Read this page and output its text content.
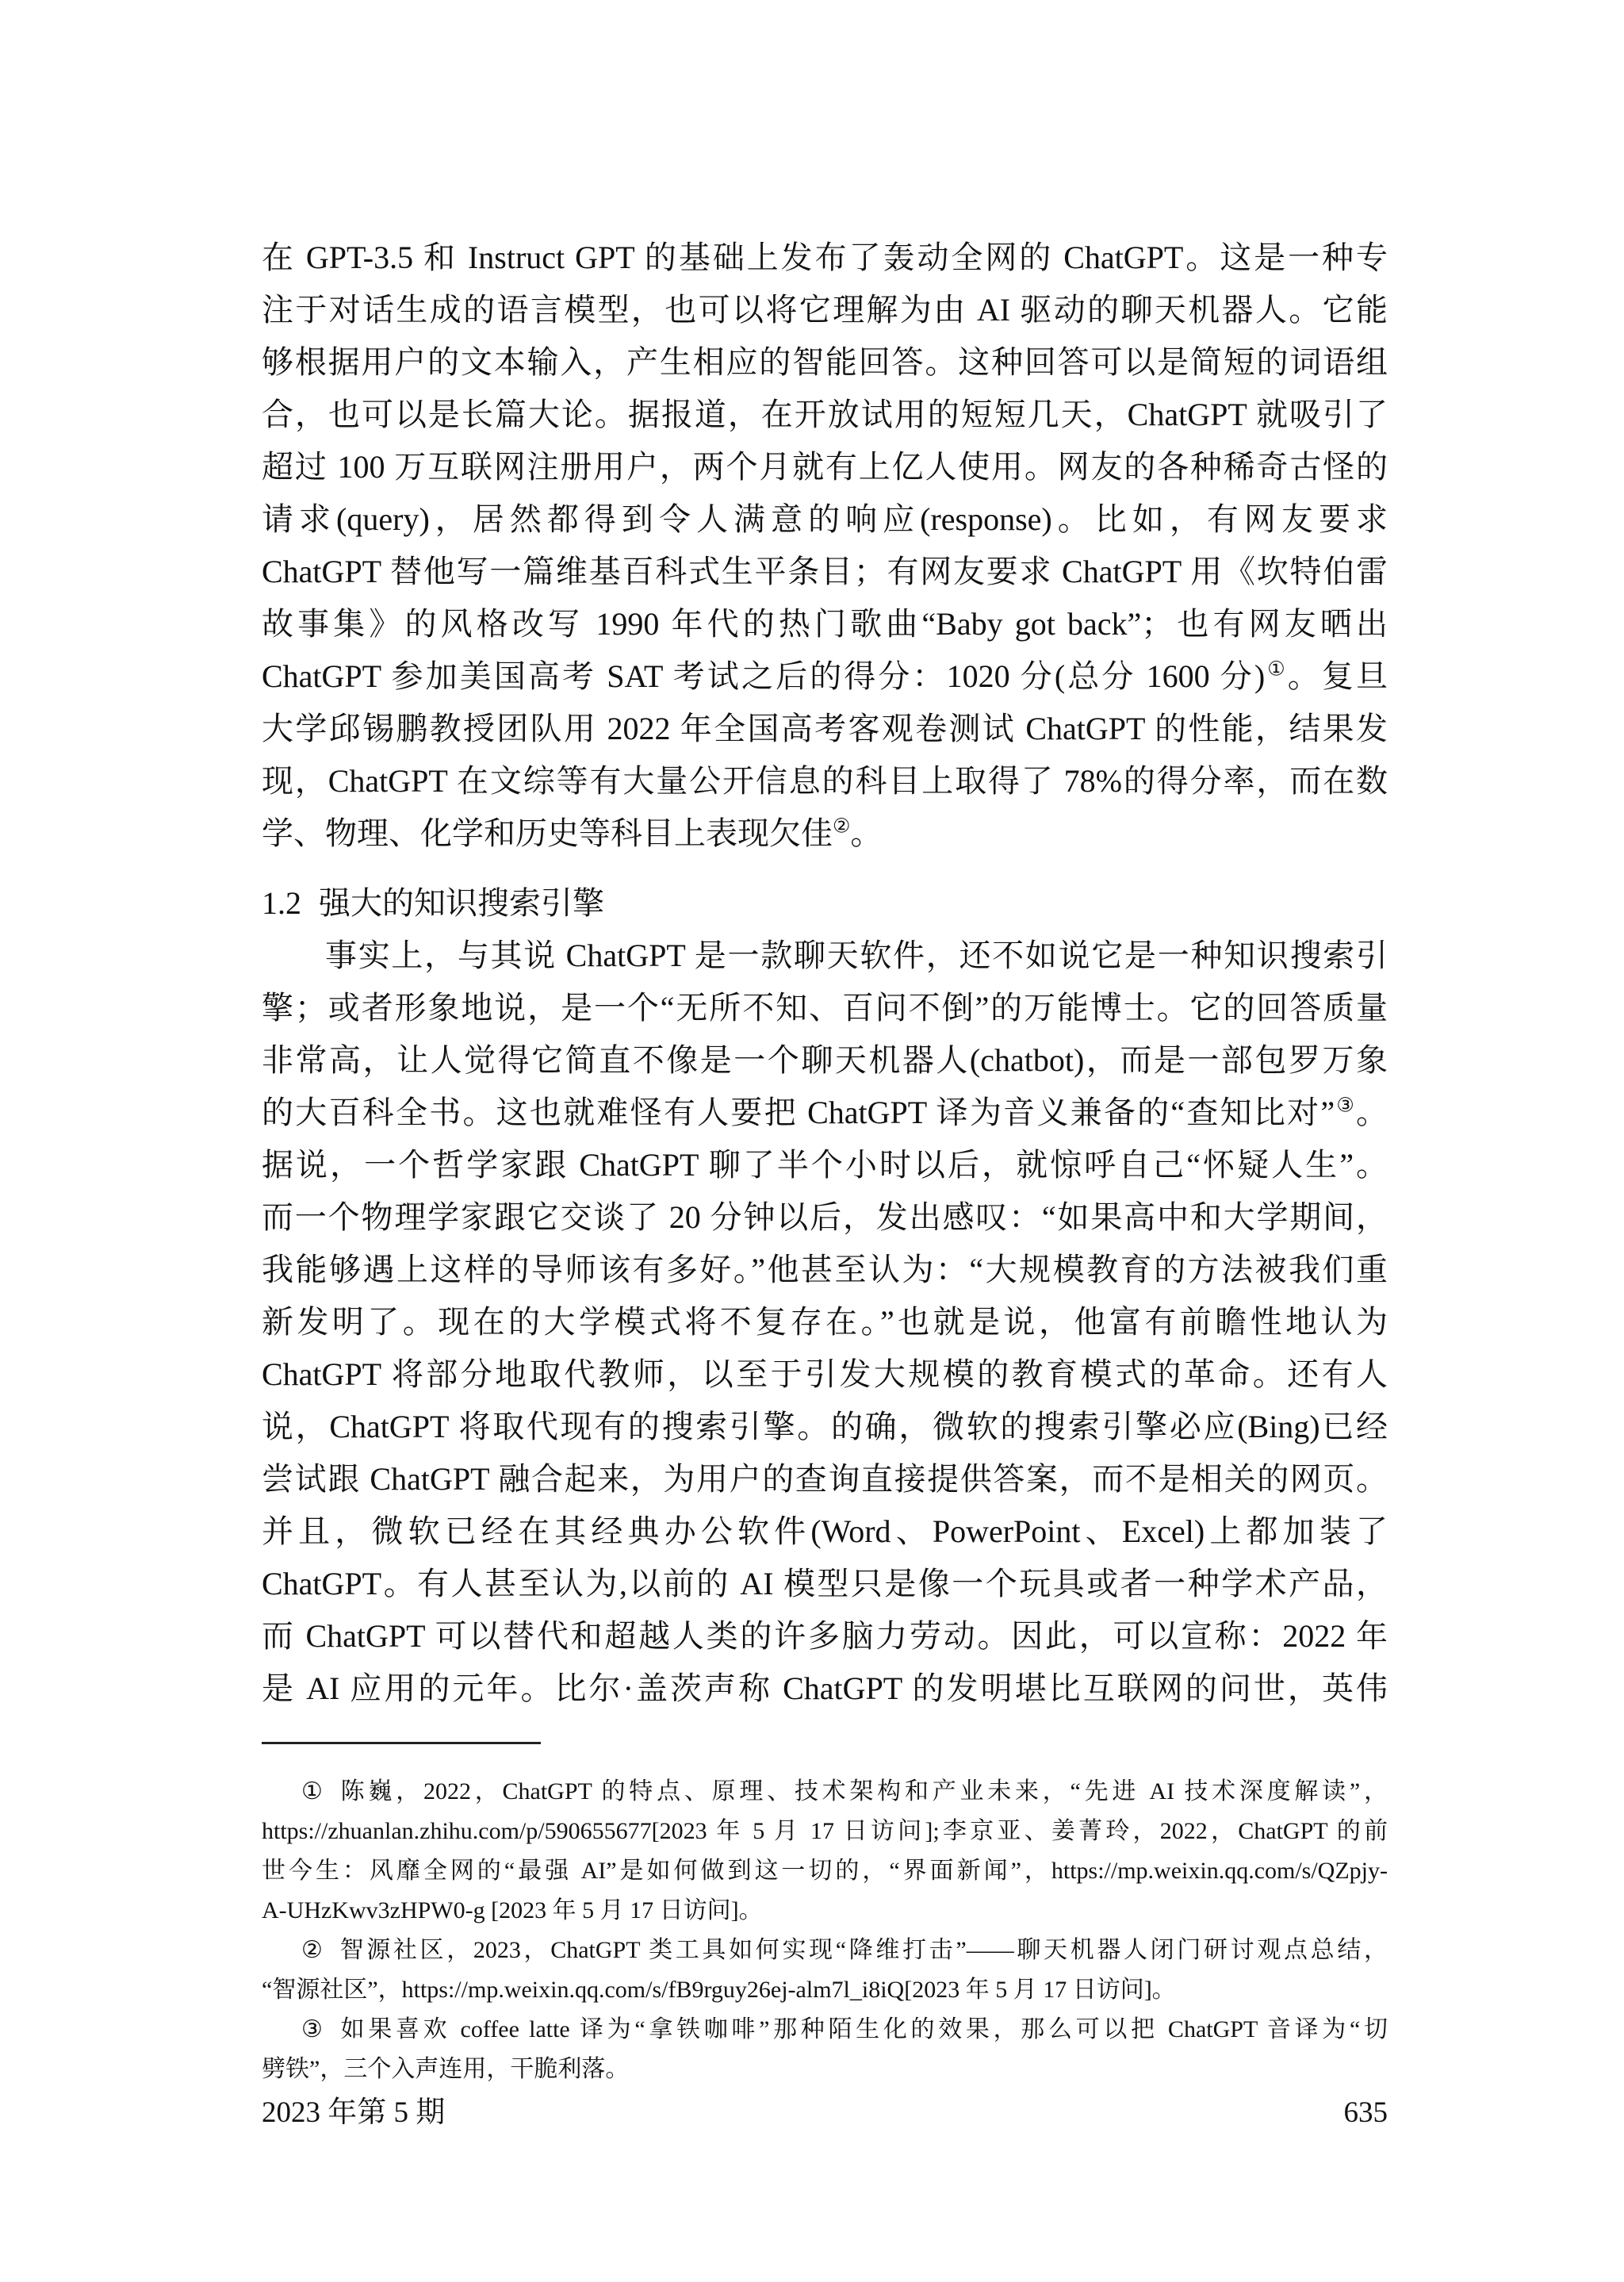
在 GPT-3.5 和 Instruct GPT 的基础上发布了轰动全网的 ChatGPT。这是一种专
注于对话生成的语言模型，也可以将它理解为由 AI 驱动的聊天机器人。它能
够根据用户的文本输入，产生相应的智能回答。这种回答可以是简短的词语组
合，也可以是长篇大论。据报道，在开放试用的短短几天，ChatGPT 就吸引了
超过 100 万互联网注册用户，两个月就有上亿人使用。网友的各种稀奇古怪的
请求(query)，居然都得到令人满意的响应(response)。比如，有网友要求
ChatGPT 替他写一篇维基百科式生平条目；有网友要求 ChatGPT 用《坎特伯雷
故事集》的风格改写 1990 年代的热门歌曲“Baby got back”；也有网友晒出
ChatGPT 参加美国高考 SAT 考试之后的得分：1020 分(总分 1600 分)①。复旦
大学邱锡鹏教授团队用 2022 年全国高考客观卷测试 ChatGPT 的性能，结果发
现，ChatGPT 在文综等有大量公开信息的科目上取得了 78%的得分率，而在数
学、物理、化学和历史等科目上表现欠佳②。
1.2 强大的知识搜索引擎
事实上，与其说 ChatGPT 是一款聊天软件，还不如说它是一种知识搜索引
擎；或者形象地说，是一个“无所不知、百问不倒”的万能博士。它的回答质量
非常高，让人觉得它简直不像是一个聊天机器人(chatbot)，而是一部包罗万象
的大百科全书。这也就难怪有人要把 ChatGPT 译为音义兼备的“查知比对”③。
据说，一个哲学家跟 ChatGPT 聊了半个小时以后，就惊呼自己“怀疑人生”。
而一个物理学家跟它交谈了 20 分钟以后，发出感叹：“如果高中和大学期间，
我能够遇上这样的导师该有多好。”他甚至认为：“大规模教育的方法被我们重
新发明了。现在的大学模式将不复存在。”也就是说，他富有前瞻性地认为
ChatGPT 将部分地取代教师，以至于引发大规模的教育模式的革命。还有人
说，ChatGPT 将取代现有的搜索引擎。的确，微软的搜索引擎必应(Bing)已经
尝试跟 ChatGPT 融合起来，为用户的查询直接提供答案，而不是相关的网页。
并且，微软已经在其经典办公软件(Word、PowerPoint、Excel)上都加装了
ChatGPT。有人甚至认为,以前的 AI 模型只是像一个玩具或者一种学术产品，
而 ChatGPT 可以替代和超越人类的许多脑力劳动。因此，可以宣称：2022 年
是 AI 应用的元年。比尔·盖茨声称 ChatGPT 的发明堪比互联网的问世，英伟
① 陈巍，2022，ChatGPT 的特点、原理、技术架构和产业未来，“先进 AI 技术深度解读”，
https://zhuanlan.zhihu.com/p/590655677[2023 年 5 月 17 日访问];李京亚、姜菁玲，2022，ChatGPT 的前
世今生：风靡全网的“最强 AI”是如何做到这一切的，“界面新闻”，https://mp.weixin.qq.com/s/QZpjy-
A-UHzKwv3zHPW0-g [2023 年 5 月 17 日访问]。
② 智源社区，2023，ChatGPT 类工具如何实现“降维打击”——聊天机器人闭门研讨观点总结，
“智源社区”，https://mp.weixin.qq.com/s/fB9rguy26ej-alm7l_i8iQ[2023 年 5 月 17 日访问]。
③ 如果喜欢 coffee latte 译为“拿铁咖啡”那种陌生化的效果，那么可以把 ChatGPT 音译为“切
劈铁”，三个入声连用，干脆利落。
2023 年第 5 期	635
